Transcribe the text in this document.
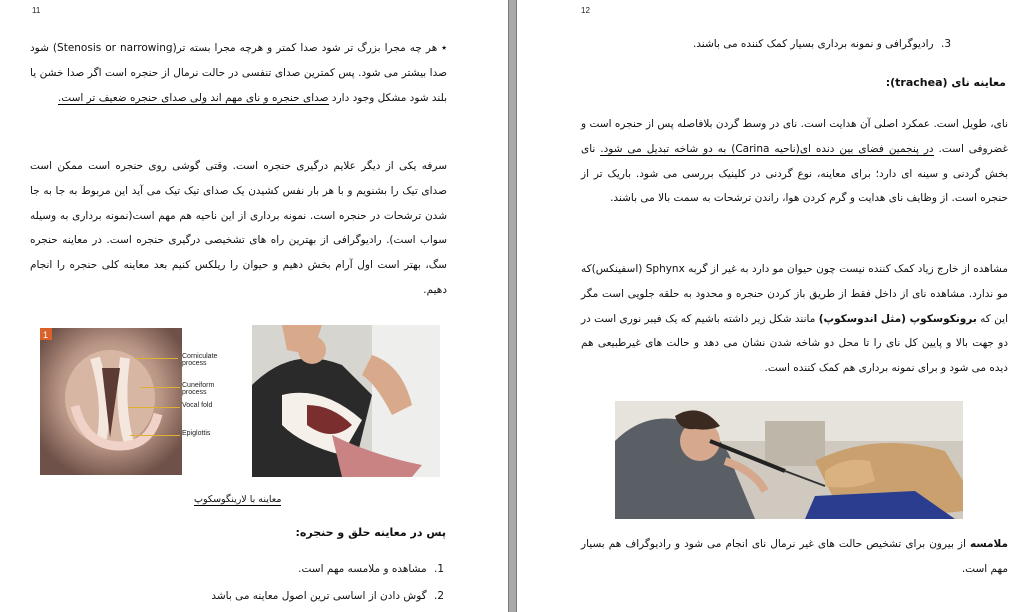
11

٭ هر چه مجرا بزرگ تر شود صدا کمتر و هرچه مجرا بسته تر(Stenosis or narrowing) شود صدا بیشتر می شود. پس کمترین صدای تنفسی در حالت نرمال از حنجره است اگر صدا خشن یا بلند شود مشکل وجود دارد صدای حنجره و نای مهم اند ولی صدای حنجره ضعیف تر است.

سرفه یکی از دیگر علایم درگیری حنجره است. وقتی گوشی روی حنجره است ممکن است صدای تیک را بشنویم و با هر بار نفس کشیدن یک صدای تیک تیک می آید این مربوط به جا به جا شدن ترشحات در حنجره است. نمونه برداری از این ناحیه هم مهم است(نمونه برداری به وسیله سواب است). رادیوگرافی از بهترین راه های تشخیصی درگیری حنجره است. در معاینه حنجره سگ، بهتر است اول آرام بخش دهیم و حیوان را ریلکس کنیم بعد معاینه کلی حنجره را انجام دهیم.

1
Corniculate process
Cuneiform process
Vocal fold
Epiglottis
معاینه با لارینگوسکوپ
پس در معاینه حلق و حنجره:
1. مشاهده و ملامسه مهم است.
2. گوش دادن از اساسی ترین اصول معاینه می باشد
12
3. رادیوگرافی و نمونه برداری بسیار کمک کننده می باشند.
معاینه نای (trachea):

نای، طویل است. عمکرد اصلی آن هدایت است. نای در وسط گردن بلافاصله پس از حنجره است و غضروفی است. در پنجمین فضای بین دنده ای(ناحیه Carina) به دو شاخه تبدیل می شود. نای بخش گردنی و سینه ای دارد؛ برای معاینه، نوع گردنی در کلینیک بررسی می شود. باریک تر از حنجره است. از وظایف نای هدایت و گرم کردن هوا، راندن ترشحات به سمت بالا می باشند.

مشاهده از خارج زیاد کمک کننده نیست چون حیوان مو دارد به غیر از گربه Sphynx (اسفینکس)که مو ندارد. مشاهده نای از داخل فقط از طریق باز کردن حنجره و محدود به حلقه جلویی است مگر این که برونکوسکوپ (مثل اندوسکوپ) مانند شکل زیر داشته باشیم که یک فیبر نوری است در دو جهت بالا و پایین کل نای را تا محل دو شاخه شدن نشان می دهد و حالت های غیرطبیعی هم دیده می شود و برای نمونه برداری هم کمک کننده است.

ملامسه از بیرون برای تشخیص حالت های غیر نرمال نای انجام می شود و رادیوگراف هم بسیار مهم است.
